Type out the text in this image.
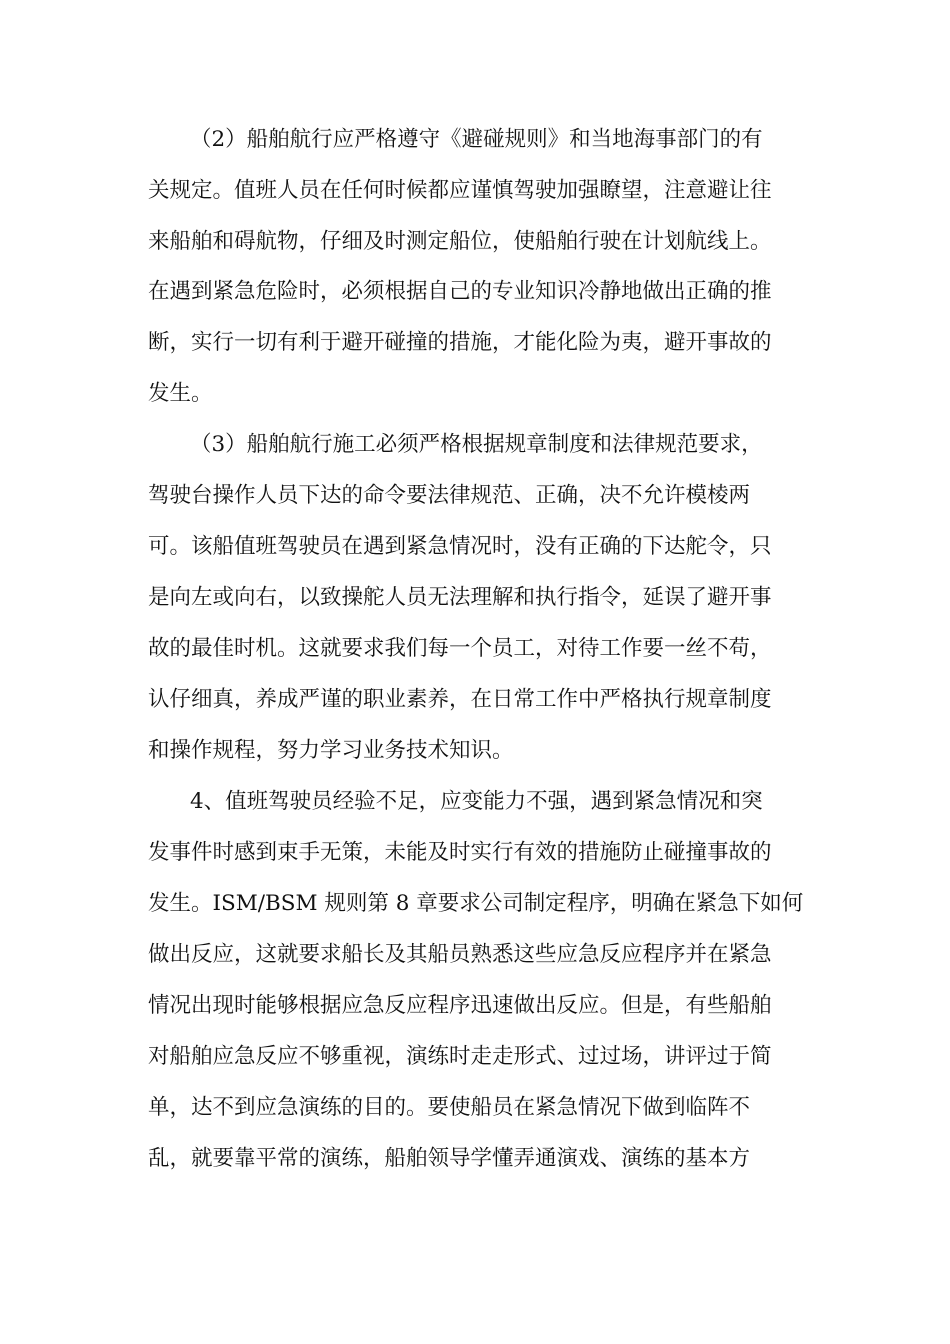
（2）船舶航行应严格遵守《避碰规则》和当地海事部门的有
关规定。值班人员在任何时候都应谨慎驾驶加强瞭望，注意避让往
来船舶和碍航物，仔细及时测定船位，使船舶行驶在计划航线上。
在遇到紧急危险时，必须根据自己的专业知识冷静地做出正确的推
断，实行一切有利于避开碰撞的措施，才能化险为夷，避开事故的
发生。
（3）船舶航行施工必须严格根据规章制度和法律规范要求，
驾驶台操作人员下达的命令要法律规范、正确，决不允许模棱两
可。该船值班驾驶员在遇到紧急情况时，没有正确的下达舵令，只
是向左或向右，以致操舵人员无法理解和执行指令，延误了避开事
故的最佳时机。这就要求我们每一个员工，对待工作要一丝不苟，
认仔细真，养成严谨的职业素养，在日常工作中严格执行规章制度
和操作规程，努力学习业务技术知识。
4、值班驾驶员经验不足，应变能力不强，遇到紧急情况和突
发事件时感到束手无策，未能及时实行有效的措施防止碰撞事故的
发生。ISM/BSM 规则第 8 章要求公司制定程序，明确在紧急下如何
做出反应，这就要求船长及其船员熟悉这些应急反应程序并在紧急
情况出现时能够根据应急反应程序迅速做出反应。但是，有些船舶
对船舶应急反应不够重视，演练时走走形式、过过场，讲评过于简
单，达不到应急演练的目的。要使船员在紧急情况下做到临阵不
乱，就要靠平常的演练，船舶领导学懂弄通演戏、演练的基本方
